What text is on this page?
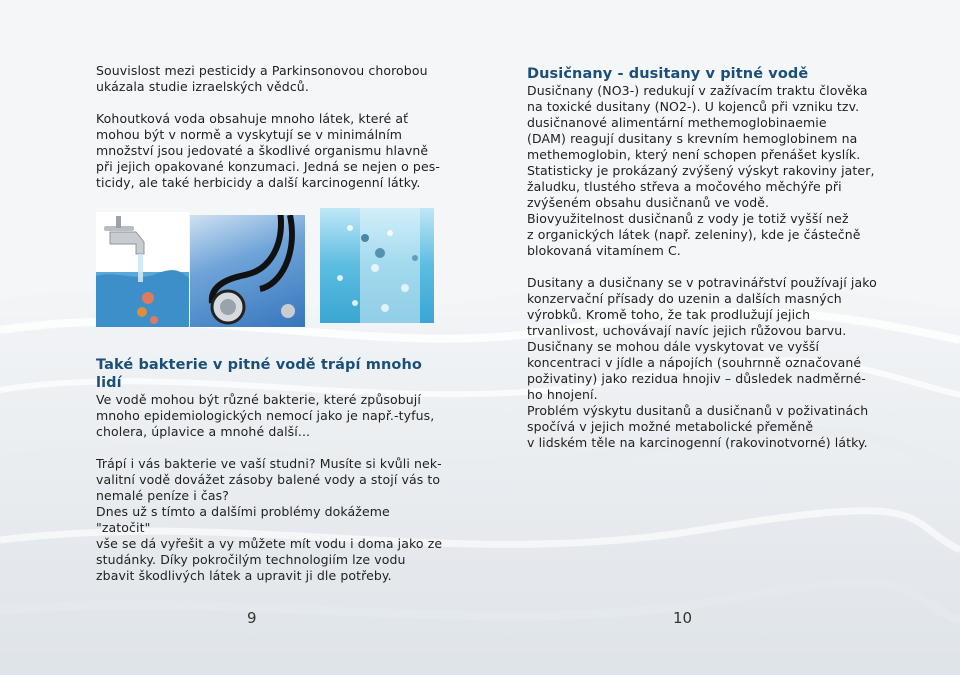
Souvislost mezi pesticidy a Parkinsonovou chorobou

ukázala studie izraelských vědců.

Kohoutková voda obsahuje mnoho látek, které ať

mohou být v normě a vyskytují se v minimálním

množství jsou jedovaté a škodlivé organismu hlavně

při jejich opakované konzumaci. Jedná se nejen o pes-

ticidy, ale také herbicidy a další karcinogenní látky.

Také bakterie v pitné vodě trápí mnoho lidí

Ve vodě mohou být různé bakterie, které způsobují

mnoho epidemiologických nemocí jako je např.-tyfus,

cholera, úplavice a mnohé další...

Trápí i vás bakterie ve vaší studni? Musíte si kvůli nek-

valitní vodě dovážet zásoby balené vody a stojí vás to

nemalé peníze i čas?

Dnes už s tímto a dalšími problémy dokážeme "zatočit"

vše se dá vyřešit a vy můžete mít vodu i doma jako ze

studánky. Díky pokročilým technologiím lze vodu

zbavit škodlivých látek a upravit ji dle potřeby.

9

Dusičnany - dusitany v pitné vodě

Dusičnany (NO3-) redukují v zažívacím traktu člověka

na toxické dusitany (NO2-). U kojenců při vzniku tzv.

dusičnanové alimentární methemoglobinaemie

(DAM) reagují dusitany s krevním hemoglobinem na

methemoglobin, který není schopen přenášet kyslík.

Statisticky je prokázaný zvýšený výskyt rakoviny jater,

žaludku, tlustého střeva a močového měchýře při

zvýšeném obsahu dusičnanů ve vodě.

Biovyužitelnost dusičnanů z vody je totiž vyšší než

z organických látek (např. zeleniny), kde je částečně

blokovaná vitamínem C.

Dusitany a dusičnany se v potravinářství používají jako

konzervační přísady do uzenin a dalších masných

výrobků. Kromě toho, že tak prodlužují jejich

trvanlivost, uchovávají navíc jejich růžovou barvu.

Dusičnany se mohou dále vyskytovat ve vyšší

koncentraci v jídle a nápojích (souhrnně označované

poživatiny) jako rezidua hnojiv – důsledek nadměrné-

ho hnojení.

Problém výskytu dusitanů a dusičnanů v poživatinách

spočívá v jejich možné metabolické přeměně

v lidském těle na karcinogenní (rakovinotvorné) látky.

10
